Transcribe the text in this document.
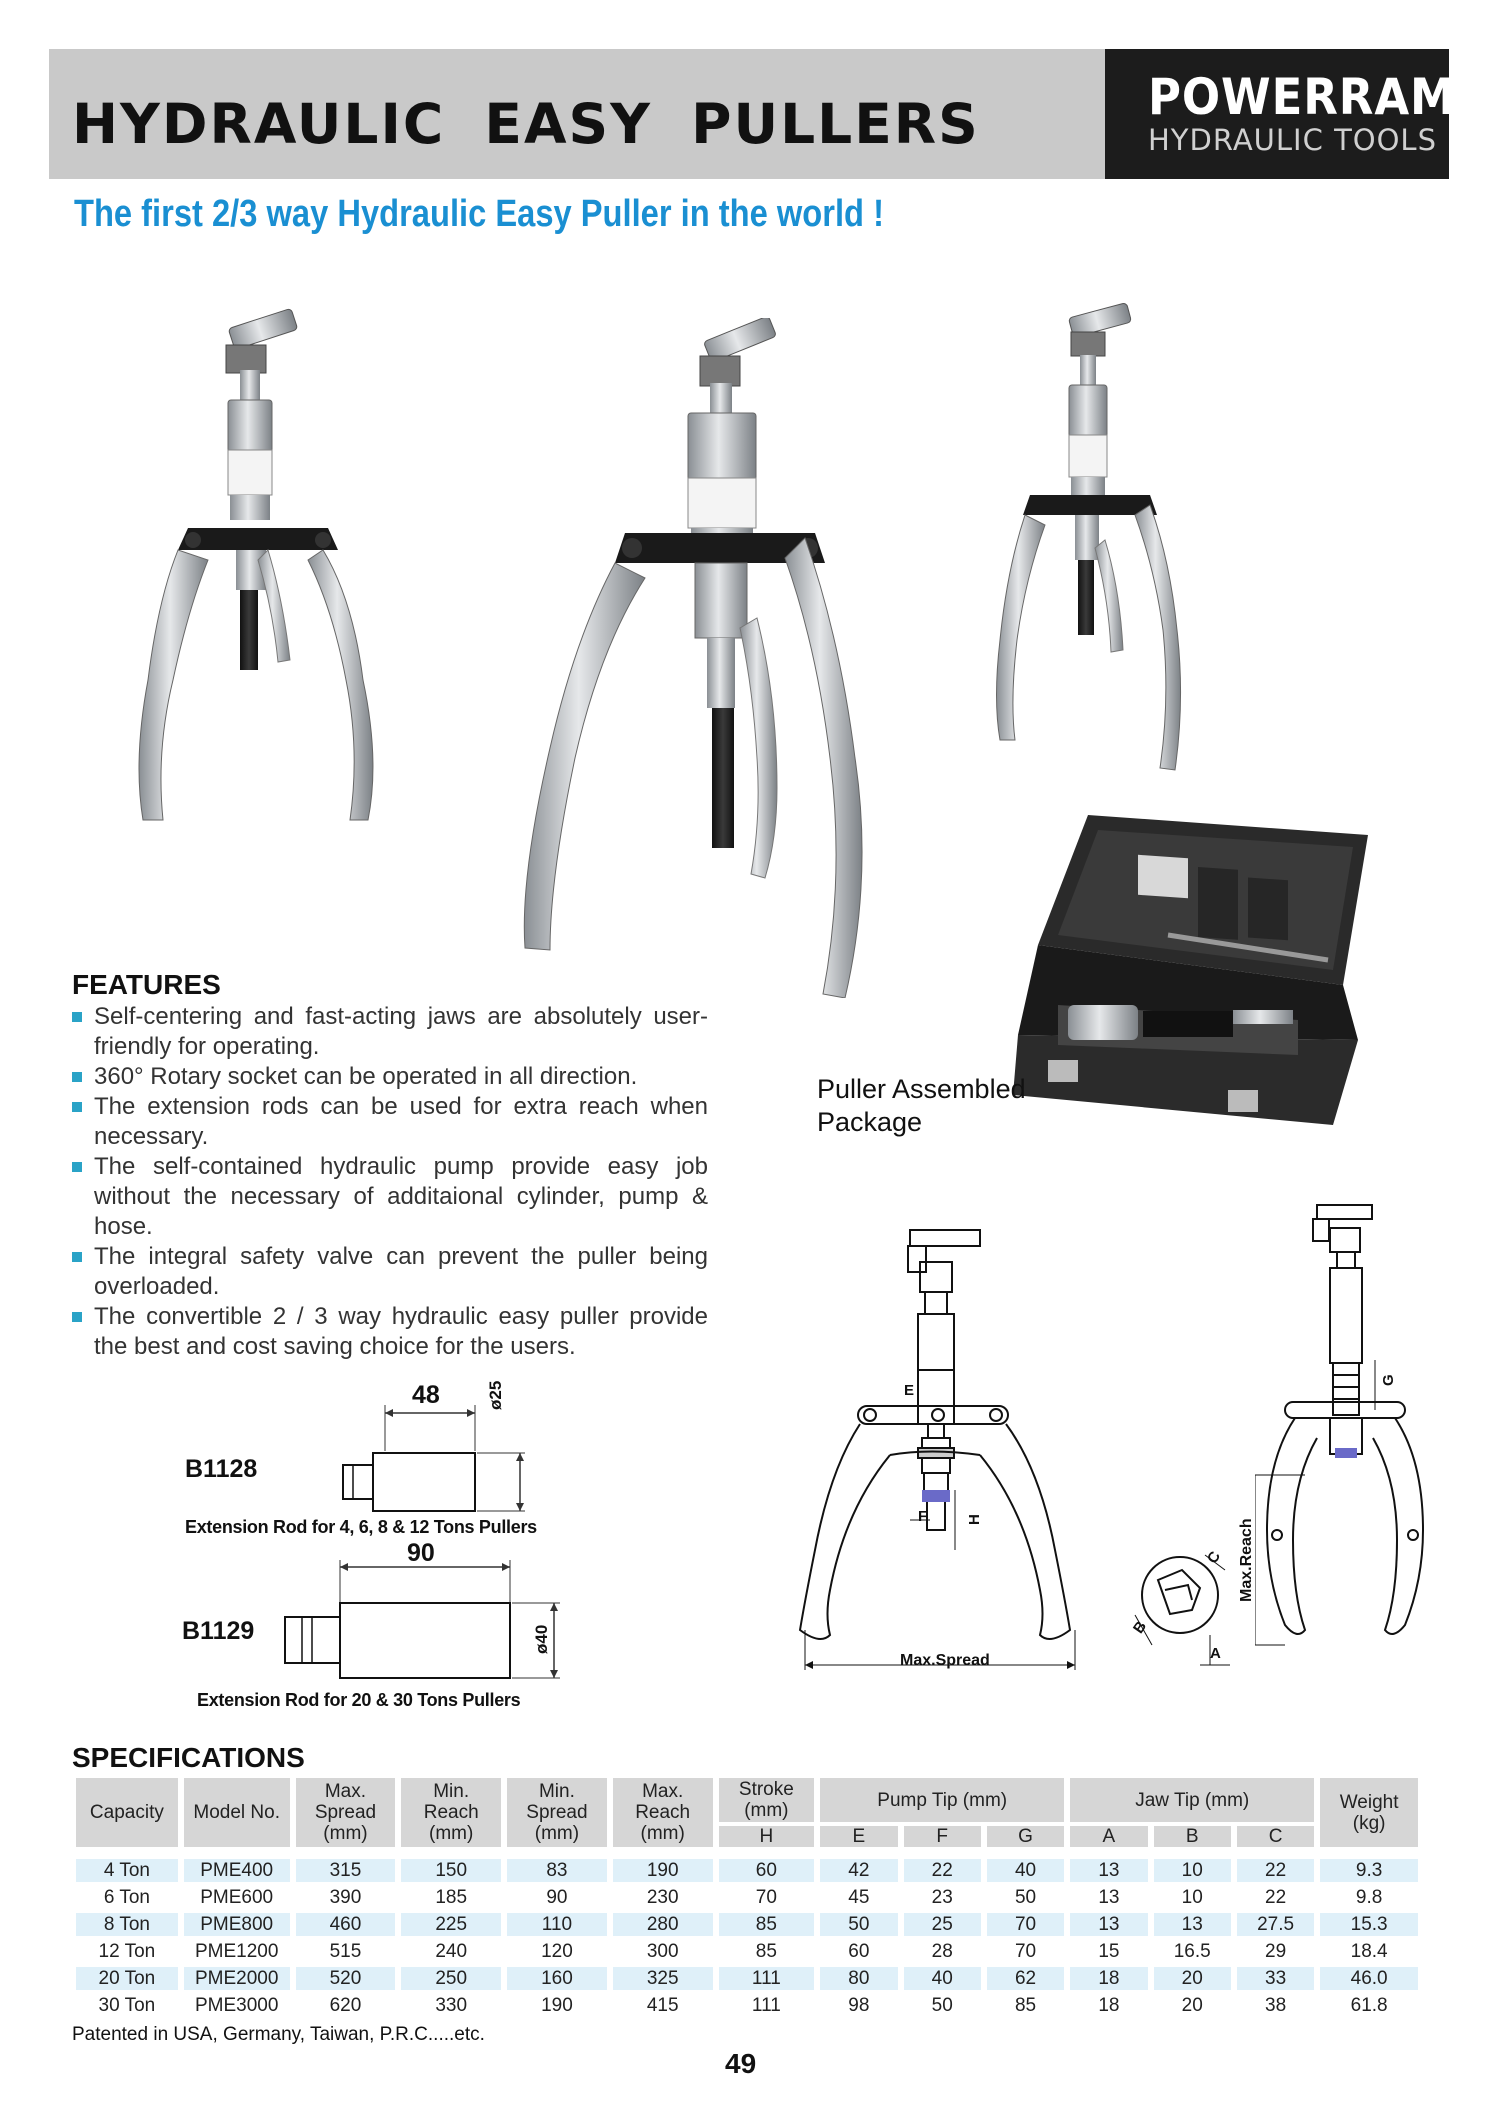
HYDRAULIC EASY PULLERS	POWERRAM
HYDRAULIC TOOLS
The first 2/3 way Hydraulic Easy Puller in the world !
FEATURES
Self-centering and fast-acting jaws are absolutely user-friendly for operating.
360° Rotary socket can be operated in all direction.
The extension rods can be used for extra reach when necessary.
The self-contained hydraulic pump provide easy job without the necessary of additaional cylinder, pump & hose.
The integral safety valve can prevent the puller being overloaded.
The convertible 2 / 3 way hydraulic easy puller provide the best and cost saving choice for the users.
Puller Assembled
Package
B1128
48	ø25
Extension Rod for 4, 6, 8 & 12 Tons Pullers
B1129
90
ø40
Extension Rod for 20 & 30 Tons Pullers
E
F	H
Max.Spread
G
Max.Reach
A
B
C
SPECIFICATIONS
Capacity	Model No.	Max.
Spread
(mm)	Min.
Reach
(mm)	Min.
Spread
(mm)	Max.
Reach
(mm)	Stroke
(mm)	Pump Tip (mm)			Jaw Tip (mm)			Weight
(kg)
						H	E	F	G	A	B	C	

4 Ton	PME400	315	150	83	190	60	42	22	40	13	10	22	9.3
6 Ton	PME600	390	185	90	230	70	45	23	50	13	10	22	9.8
8 Ton	PME800	460	225	110	280	85	50	25	70	13	13	27.5	15.3
12 Ton	PME1200	515	240	120	300	85	60	28	70	15	16.5	29	18.4
20 Ton	PME2000	520	250	160	325	111	80	40	62	18	20	33	46.0
30 Ton	PME3000	620	330	190	415	111	98	50	85	18	20	38	61.8
Patented in USA, Germany, Taiwan, P.R.C.....etc.
49
